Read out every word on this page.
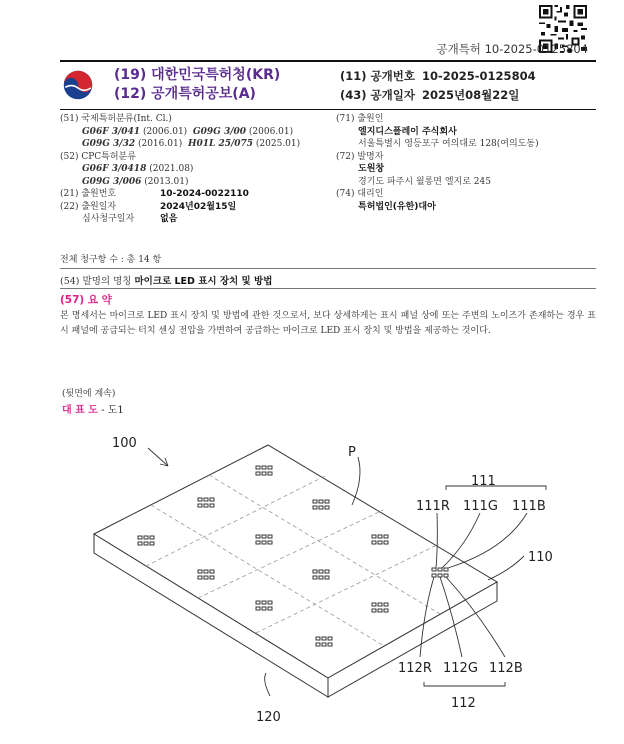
공개특허 10-2025-0125804
(19) 대한민국특허청(KR)
(12) 공개특허공보(A)
(11) 공개번호 10-2025-0125804
(43) 공개일자 2025년08월22일
(51) 국제특허분류(Int. Cl.)
G06F 3/041 (2006.01) G09G 3/00 (2006.01)
G09G 3/32 (2016.01) H01L 25/075 (2025.01)
(52) CPC특허분류
G06F 3/0418 (2021.08)
G09G 3/006 (2013.01)
(21) 출원번호	10-2024-0022110
(22) 출원일자	2024년02월15일
심사청구일자	없음
(71) 출원인
엘지디스플레이 주식회사
서울특별시 영등포구 여의대로 128(여의도동)
(72) 발명자
도원창
경기도 파주시 월롱면 엘지로 245
(74) 대리인
특허법인(유한)대아
전체 청구항 수 : 총 14 항
(54) 발명의 명칭 마이크로 LED 표시 장치 및 방법
(57) 요 약
본 명세서는 마이크로 LED 표시 장치 및 방법에 관한 것으로서, 보다 상세하게는 표시 패널 상에 또는 주변의 노이즈가 존재하는 경우 표시 패널에 공급되는 터치 센싱 전압을 가변하여 공급하는 마이크로 LED 표시 장치 및 방법을 제공하는 것이다.
(뒷면에 계속)
대 표 도 - 도1
100
P
111
111R 111G 111B
110
112R 112G 112B
112
120
